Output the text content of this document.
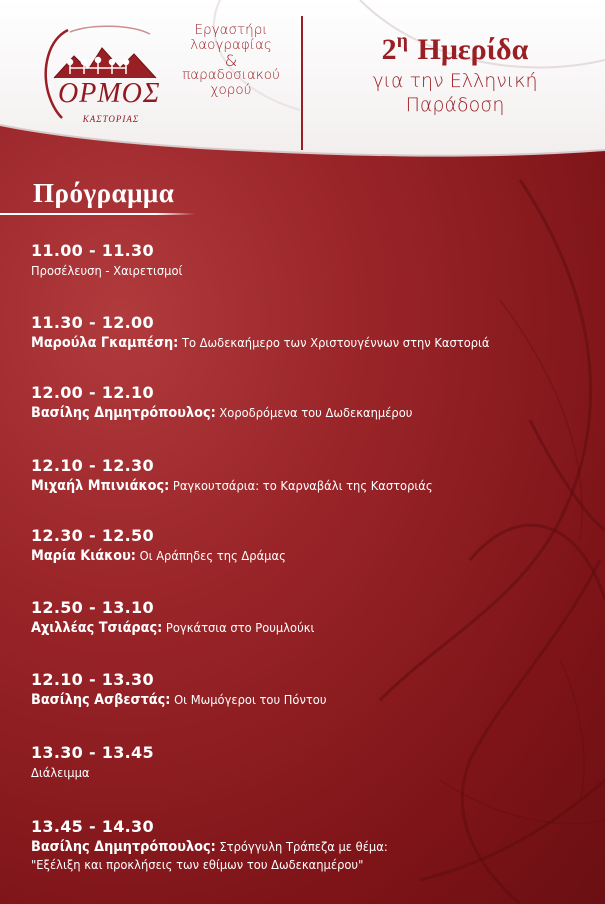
ΟΡΜΟΣ
ΚΑΣΤΟΡΙΑΣ
Εργαστήρι
λαογραφίας
&
παραδοσιακού
χορού
$2^\eta$ Ημερίδα
για την Ελληνική
Παράδοση
Πρόγραμμα
11.00 - 11.30
Προσέλευση - Χαιρετισμοί
11.30 - 12.00
Μαρούλα Γκαμπέση: Το Δωδεκαήμερο των Χριστουγέννων στην Καστοριά
12.00 - 12.10
Βασίλης Δημητρόπουλος: Χοροδρόμενα του Δωδεκαημέρου
12.10 - 12.30
Μιχαήλ Μπινιάκος: Ραγκουτσάρια: το Καρναβάλι της Καστοριάς
12.30 - 12.50
Μαρία Κιάκου: Οι Αράπηδες της Δράμας
12.50 - 13.10
Αχιλλέας Τσιάρας: Ρογκάτσια στο Ρουμλούκι
12.10 - 13.30
Βασίλης Ασβεστάς: Οι Μωμόγεροι του Πόντου
13.30 - 13.45
Διάλειμμα
13.45 - 14.30
Βασίλης Δημητρόπουλος: Στρόγγυλη Τράπεζα με θέμα:
"Εξέλιξη και προκλήσεις των εθίμων του Δωδεκαημέρου"
